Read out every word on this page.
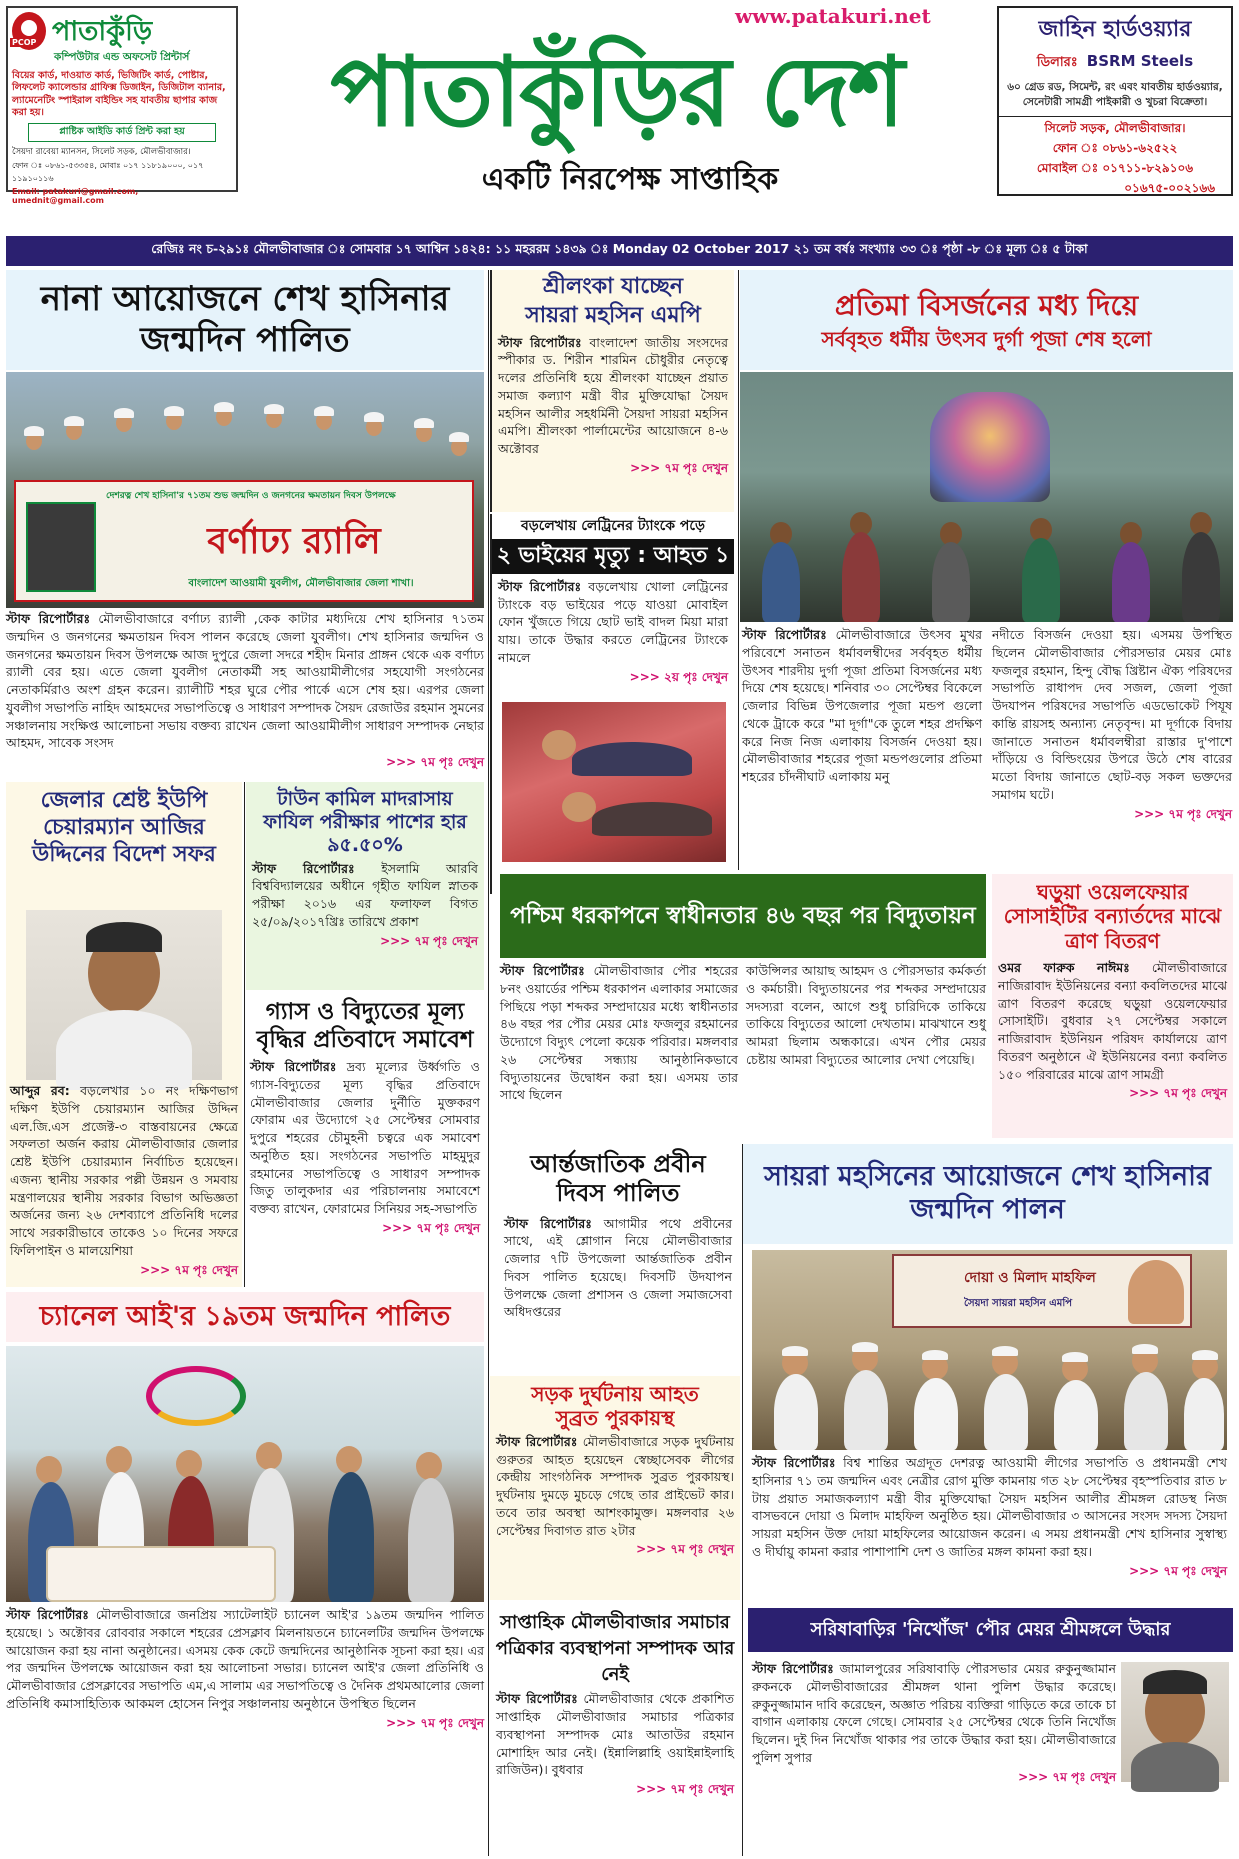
PCOP পাতাকুঁড়ি
কম্পিউটার এন্ড অফসেট প্রিন্টার্স
বিয়ের কার্ড, দাওয়াত কার্ড, ভিজিটিং কার্ড, পোষ্টার, লিফলেট ক্যালেন্ডার গ্রাফিক্স ডিজাইন, ডিজিটাল ব্যানার, ল্যামেনেটিং স্পাইরাল বাইন্ডিং সহ যাবতীয় ছাপার কাজ করা হয়।
প্লাষ্টিক আইডি কার্ড প্রিন্ট করা হয়
সৈয়দা রাবেয়া ম্যানসন, সিলেট সড়ক, মৌলভীবাজার।
ফোন ঃ ০৮৬১-৫৩৩৫৪, মোবাঃ ০১৭ ১১৮১৯০০০, ০১৭ ১১৯১০১১৬
Email: patakuri@gmail.com, umednit@gmail.com
www.patakuri.net
পাতাকুঁড়ির দেশ
একটি নিরপেক্ষ সাপ্তাহিক
জাহিন হার্ডওয়্যার
ডিলারঃ BSRM Steels
৬০ গ্রেড রড, সিমেন্ট, রং এবং যাবতীয় হার্ডওয়্যার, সেনেটারী সামগ্রী পাইকারী ও খুচরা বিক্রেতা।
সিলেট সড়ক, মৌলভীবাজার।
ফোন ঃ ০৮৬১-৬২৫২২
মোবাইল ঃ ০১৭১১-৮২৯১০৬
০১৬৭৫-০০২১৬৬
রেজিঃ নং চ-২৯১ঃ মৌলভীবাজার ঃ সোমবার ১৭ আশ্বিন ১৪২৪: ১১ মহররম ১৪৩৯ ঃ Monday 02 October 2017 ২১ তম বর্ষঃ সংখ্যাঃ ৩৩ ঃ পৃষ্ঠা -৮ ঃ মূল্য ঃ ৫ টাকা
নানা আয়োজনে শেখ হাসিনার জন্মদিন পালিত
দেশরত্ন শেখ হাসিনা'র ৭১তম শুভ জন্মদিন ও জনগনের ক্ষমতায়ন দিবস উপলক্ষে
বর্ণাঢ্য র‍্যালি
বাংলাদেশ আওয়ামী যুবলীগ, মৌলভীবাজার জেলা শাখা।
স্টাফ রিপোর্টারঃ মৌলভীবাজারে বর্ণাঢ্য র‍্যালী ,কেক কাটার মধ্যদিয়ে শেখ হাসিনার ৭১তম জন্মদিন ও জনগনের ক্ষমতায়ন দিবস পালন করেছে জেলা যুবলীগ। শেখ হাসিনার জন্মদিন ও জনগনের ক্ষমতায়ন দিবস উপলক্ষে আজ দুপুরে জেলা সদরে শহীদ মিনার প্রাঙ্গন থেকে এক বর্ণাঢ্য র‍্যালী বের হয়। এতে জেলা যুবলীগ নেতাকর্মী সহ আওয়ামীলীগের সহযোগী সংগঠনের নেতাকর্মিরাও অংশ গ্রহন করেন। র‍্যালীটি শহর ঘুরে পৌর পার্কে এসে শেষ হয়। এরপর জেলা যুবলীগ সভাপতি নাহিদ আহমদের সভাপতিত্বে ও সাধারণ সম্পাদক সৈয়দ রেজাউর রহমান সুমনের সঞ্চালনায় সংক্ষিপ্ত আলোচনা সভায় বক্তব্য রাখেন জেলা আওয়ামীলীগ সাধারণ সম্পাদক নেছার আহমদ, সাবেক সংসদ
>>> ৭ম পৃঃ দেখুন
শ্রীলংকা যাচ্ছেন
সায়রা মহসিন এমপি
স্টাফ রিপোর্টারঃ বাংলাদেশ জাতীয় সংসদের স্পীকার ড. শিরীন শারমিন চৌধুরীর নেতৃত্বে দলের প্রতিনিধি হয়ে শ্রীলংকা যাচ্ছেন প্রয়াত সমাজ কল্যাণ মন্ত্রী বীর মুক্তিযোদ্ধা সৈয়দ মহসিন আলীর সহধর্মিনী সৈয়দা সায়রা মহসিন এমপি। শ্রীলংকা পার্লামেন্টের আয়োজনে ৪-৬ অক্টোবর
>>> ৭ম পৃঃ দেখুন
বড়লেখায় লেট্রিনের ট্যাংকে পড়ে
২ ভাইয়ের মৃত্যু : আহত ১
স্টাফ রিপোর্টারঃ বড়লেখায় খোলা লেট্রিনের ট্যাংকে বড় ভাইয়ের পড়ে যাওয়া মোবাইল ফোন খুঁজতে গিয়ে ছোট ভাই বাদল মিয়া মারা যায়। তাকে উদ্ধার করতে লেট্রিনের ট্যাংকে নামলে
>>> ২য় পৃঃ দেখুন
প্রতিমা বিসর্জনের মধ্য দিয়ে
সর্ববৃহত ধর্মীয় উৎসব দুর্গা পূজা শেষ হলো
স্টাফ রিপোর্টারঃ মৌলভীবাজারে উৎসব মুখর পরিবেশে সনাতন ধর্মাবলম্বীদের সর্ববৃহত ধর্মীয় উৎসব শারদীয় দুর্গা পূজা প্রতিমা বিসর্জনের মধ্য দিয়ে শেষ হয়েছে। শনিবার ৩০ সেপ্টেম্বর বিকেলে জেলার বিভিন্ন উপজেলার পূজা মন্ডপ গুলো থেকে ট্রাকে করে "মা দূর্গা"কে তুলে শহর প্রদক্ষিণ করে নিজ নিজ এলাকায় বিসর্জন দেওয়া হয়। মৌলভীবাজার শহরের পূজা মন্ডপগুলোর প্রতিমা শহরের চাঁদনীঘাট এলাকায় মনু
নদীতে বিসর্জন দেওয়া হয়। এসময় উপস্থিত ছিলেন মৌলভীবাজার পৌরসভার মেয়র মোঃ ফজলুর রহমান, হিন্দু বৌদ্ধ খ্রিষ্টান ঐক্য পরিষদের সভাপতি রাধাপদ দেব সজল, জেলা পূজা উদযাপন পরিষদের সভাপতি এডভোকেট পিযূষ কান্তি রায়সহ অন্যান্য নেতৃবৃন্দ। মা দূর্গাকে বিদায় জানাতে সনাতন ধর্মাবলম্বীরা রাস্তার দু'পাশে দাঁড়িয়ে ও বিল্ডিংয়ের উপরে উঠে শেষ বারের মতো বিদায় জানাতে ছোট-বড় সকল ভক্তদের সমাগম ঘটে।
>>> ৭ম পৃঃ দেখুন
জেলার শ্রেষ্ট ইউপি চেয়ারম্যান আজির উদ্দিনের বিদেশ সফর
আব্দুর রব: বড়লেখার ১০ নং দক্ষিণভাগ দক্ষিণ ইউপি চেয়ারম্যান আজির উদ্দিন এল.জি.এস প্রজেক্ট-৩ বাস্তবায়নের ক্ষেত্রে সফলতা অর্জন করায় মৌলভীবাজার জেলার শ্রেষ্ট ইউপি চেয়ারম্যান নির্বাচিত হয়েছেন। এজন্য স্থানীয় সরকার পল্লী উন্নয়ন ও সমবায় মন্ত্রণালয়ের স্থানীয় সরকার বিভাগ অভিজ্ঞতা অর্জনের জন্য ২৬ দেশব্যাপে প্রতিনিধি দলের সাথে সরকারীভাবে তাকেও ১০ দিনের সফরে ফিলিপাইন ও মালয়েশিয়া
>>> ৭ম পৃঃ দেখুন
টাউন কামিল মাদরাসায় ফাযিল পরীক্ষার পাশের হার ৯৫.৫০%
স্টাফ রিপোর্টারঃ ইসলামি আরবি বিশ্ববিদ্যালয়ের অধীনে গৃহীত ফাযিল স্নাতক পরীক্ষা ২০১৬ এর ফলাফল বিগত ২৫/০৯/২০১৭খ্রিঃ তারিখে প্রকাশ
>>> ৭ম পৃঃ দেখুন
গ্যাস ও বিদ্যুতের মূল্য বৃদ্ধির প্রতিবাদে সমাবেশ
স্টাফ রিপোর্টারঃ দ্রব্য মূল্যের উর্ধ্বগতি ও গ্যাস-বিদ্যুতের মূল্য বৃদ্ধির প্রতিবাদে মৌলভীবাজার জেলার দুর্নীতি মুক্তকরণ ফোরাম এর উদ্যোগে ২৫ সেপ্টেম্বর সোমবার দুপুরে শহরের চৌমুহনী চত্বরে এক সমাবেশ অনুষ্ঠিত হয়। সংগঠনের সভাপতি মাহমুদুর রহমানের সভাপতিত্বে ও সাধারণ সম্পাদক জিতু তালুকদার এর পরিচালনায় সমাবেশে বক্তব্য রাখেন, ফোরামের সিনিয়র সহ-সভাপতি
>>> ৭ম পৃঃ দেখুন
পশ্চিম ধরকাপনে স্বাধীনতার ৪৬ বছর পর বিদ্যুতায়ন
স্টাফ রিপোর্টারঃ মৌলভীবাজার পৌর শহরের ৮নং ওয়ার্ডের পশ্চিম ধরকাপন এলাকার সমাজের পিছিয়ে পড়া শব্দকর সম্প্রদায়ের মধ্যে স্বাধীনতার ৪৬ বছর পর পৌর মেয়র মোঃ ফজলুর রহমানের উদ্যোগে বিদ্যুৎ পেলো কয়েক পরিবার। মঙ্গলবার ২৬ সেপ্টেম্বর সন্ধ্যায় আনুষ্ঠানিকভাবে বিদ্যুতায়নের উদ্বোধন করা হয়। এসময় তার সাথে ছিলেন
কাউন্সিলর আয়াছ আহমদ ও পৌরসভার কর্মকর্তা ও কর্মচারী। বিদ্যুতায়নের পর শব্দকর সম্প্রদায়ের সদস্যরা বলেন, আগে শুধু চারিদিকে তাকিয়ে তাকিয়ে বিদ্যুতের আলো দেখতাম। মাঝখানে শুধু আমরা ছিলাম অন্ধকারে। এখন পৌর মেয়র চেষ্টায় আমরা বিদ্যুতের আলোর দেখা পেয়েছি।
ঘড়ুয়া ওয়েলফেয়ার সোসাইটির বন্যার্তদের মাঝে ত্রাণ বিতরণ
ওমর ফারুক নাঈমঃ মৌলভীবাজারে নাজিরাবাদ ইউনিয়নের বন্যা কবলিতদের মাঝে ত্রাণ বিতরণ করেছে ঘড়ুয়া ওয়েলফেয়ার সোসাইটি। বুধবার ২৭ সেপ্টেম্বর সকালে নাজিরাবাদ ইউনিয়ন পরিষদ কার্যালয়ে ত্রাণ বিতরণ অনুষ্ঠানে ঐ ইউনিয়নের বন্যা কবলিত ১৫০ পরিবারের মাঝে ত্রাণ সামগ্রী
>>> ৭ম পৃঃ দেখুন
আর্ন্তজাতিক প্রবীন দিবস পালিত
স্টাফ রিপোর্টারঃ আগামীর পথে প্রবীনের সাথে, এই শ্লোগান নিয়ে মৌলভীবাজার জেলার ৭টি উপজেলা আর্ন্তজাতিক প্রবীন দিবস পালিত হয়েছে। দিবসটি উদযাপন উপলক্ষে জেলা প্রশাসন ও জেলা সমাজসেবা অধিদপ্তরের
সায়রা মহসিনের আয়োজনে শেখ হাসিনার জন্মদিন পালন
দোয়া ও মিলাদ মাহফিল
সৈয়দা সায়রা মহসিন এমপি
স্টাফ রিপোর্টারঃ বিশ্ব শান্তির অগ্রদূত দেশরত্ন আওয়ামী লীগের সভাপতি ও প্রধানমন্ত্রী শেখ হাসিনার ৭১ তম জন্মদিন এবং নেত্রীর রোগ মুক্তি কামনায় গত ২৮ সেপ্টেম্বর বৃহস্পতিবার রাত ৮ টায় প্রয়াত সমাজকল্যাণ মন্ত্রী বীর মুক্তিযোদ্ধা সৈয়দ মহসিন আলীর শ্রীমঙ্গল রোডস্থ নিজ বাসভবনে দোয়া ও মিলাদ মাহফিল অনুষ্ঠিত হয়। মৌলভীবাজার ৩ আসনের সংসদ সদস্য সৈয়দা সায়রা মহসিন উক্ত দোয়া মাহফিলের আয়োজন করেন। এ সময় প্রধানমন্ত্রী শেখ হাসিনার সুস্বাস্থ্য ও দীর্ঘায়ু কামনা করার পাশাপাশি দেশ ও জাতির মঙ্গল কামনা করা হয়।
>>> ৭ম পৃঃ দেখুন
চ্যানেল আই'র ১৯তম জন্মদিন পালিত
স্টাফ রিপোর্টারঃ মৌলভীবাজারে জনপ্রিয় স্যাটেলাইট চ্যানেল আই'র ১৯তম জন্মদিন পালিত হয়েছে। ১ অক্টোবর রোববার সকালে শহরের প্রেসক্লাব মিলনায়তনে চ্যানেলটির জন্মদিন উপলক্ষে আয়োজন করা হয় নানা অনুষ্ঠানের। এসময় কেক কেটে জন্মদিনের আনুষ্ঠানিক সূচনা করা হয়। এর পর জন্মদিন উপলক্ষে আয়োজন করা হয় আলোচনা সভার। চ্যানেল আই'র জেলা প্রতিনিধি ও মৌলভীবাজার প্রেসক্লাবের সভাপতি এম,এ সালাম এর সভাপতিত্বে ও দৈনিক প্রথমআলোর জেলা প্রতিনিধি কমাসাহিত্যিক আকমল হোসেন নিপুর সঞ্চালনায় অনুষ্ঠানে উপস্থিত ছিলেন
>>> ৭ম পৃঃ দেখুন
সড়ক দুর্ঘটনায় আহত
সুব্রত পুরকায়স্থ
স্টাফ রিপোর্টারঃ মৌলভীবাজারে সড়ক দুর্ঘটনায় গুরুতর আহত হয়েছেন স্বেচ্ছাসেবক লীগের কেন্দ্রীয় সাংগঠনিক সম্পাদক সুব্রত পুরকায়স্থ। দুর্ঘটনায় দুমড়ে মুচড়ে গেছে তার প্রাইভেট কার। তবে তার অবস্থা আশংকামুক্ত। মঙ্গলবার ২৬ সেপ্টেম্বর দিবাগত রাত ২টার
>>> ৭ম পৃঃ দেখুন
সাপ্তাহিক মৌলভীবাজার সমাচার পত্রিকার ব্যবস্থাপনা সম্পাদক আর নেই
স্টাফ রিপোর্টারঃ মৌলভীবাজার থেকে প্রকাশিত সাপ্তাহিক মৌলভীবাজার সমাচার পত্রিকার ব্যবস্থাপনা সম্পাদক মোঃ আতাউর রহমান মোশাহিদ আর নেই। (ইন্নালিল্লাহি ওয়াইন্নাইলাহি রাজিউন)। বুধবার
>>> ৭ম পৃঃ দেখুন
সরিষাবাড়ির 'নিখোঁজ' পৌর মেয়র শ্রীমঙ্গলে উদ্ধার
স্টাফ রিপোর্টারঃ জামালপুরের সরিষাবাড়ি পৌরসভার মেয়র রুকুনুজ্জামান রুকনকে মৌলভীবাজারের শ্রীমঙ্গল থানা পুলিশ উদ্ধার করেছে। রুকুনুজ্জামান দাবি করেছেন, অজ্ঞাত পরিচয় ব্যক্তিরা গাড়িতে করে তাকে চা বাগান এলাকায় ফেলে গেছে। সোমবার ২৫ সেপ্টেম্বর থেকে তিনি নিখোঁজ ছিলেন। দুই দিন নিখোঁজ থাকার পর তাকে উদ্ধার করা হয়। মৌলভীবাজারে পুলিশ সুপার
>>> ৭ম পৃঃ দেখুন
